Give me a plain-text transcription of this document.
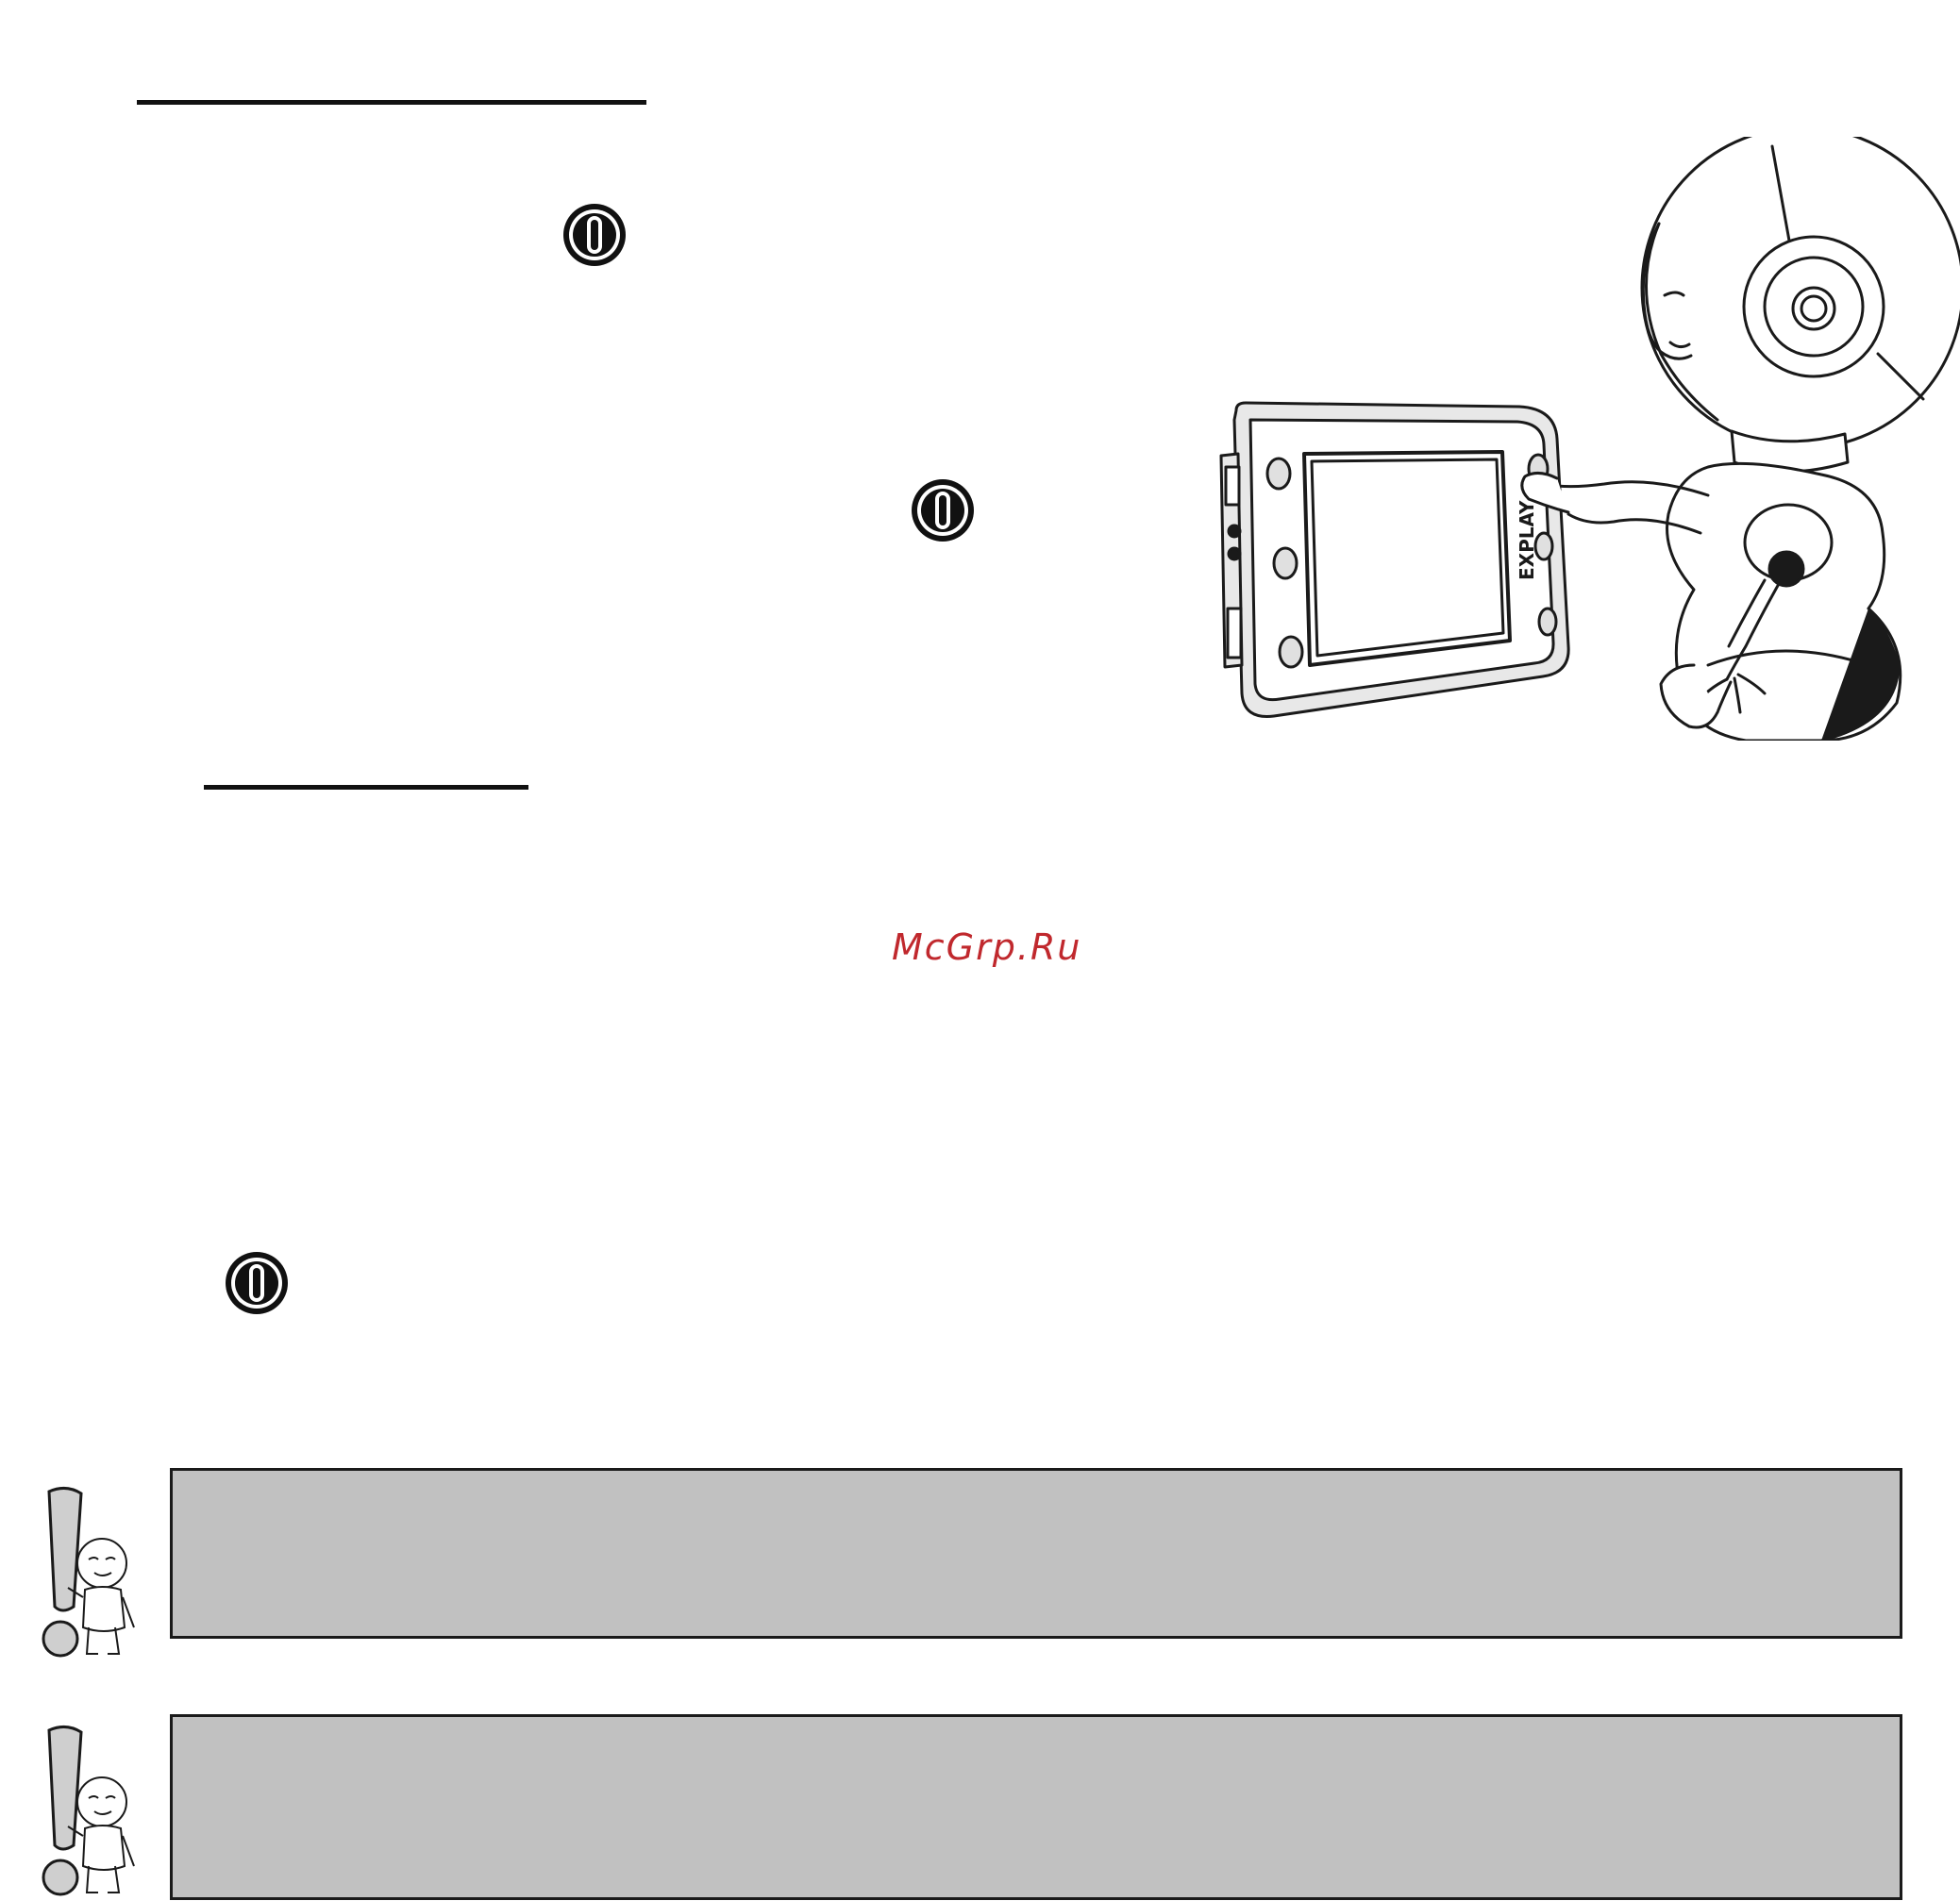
EXPLAY
McGrp.Ru
